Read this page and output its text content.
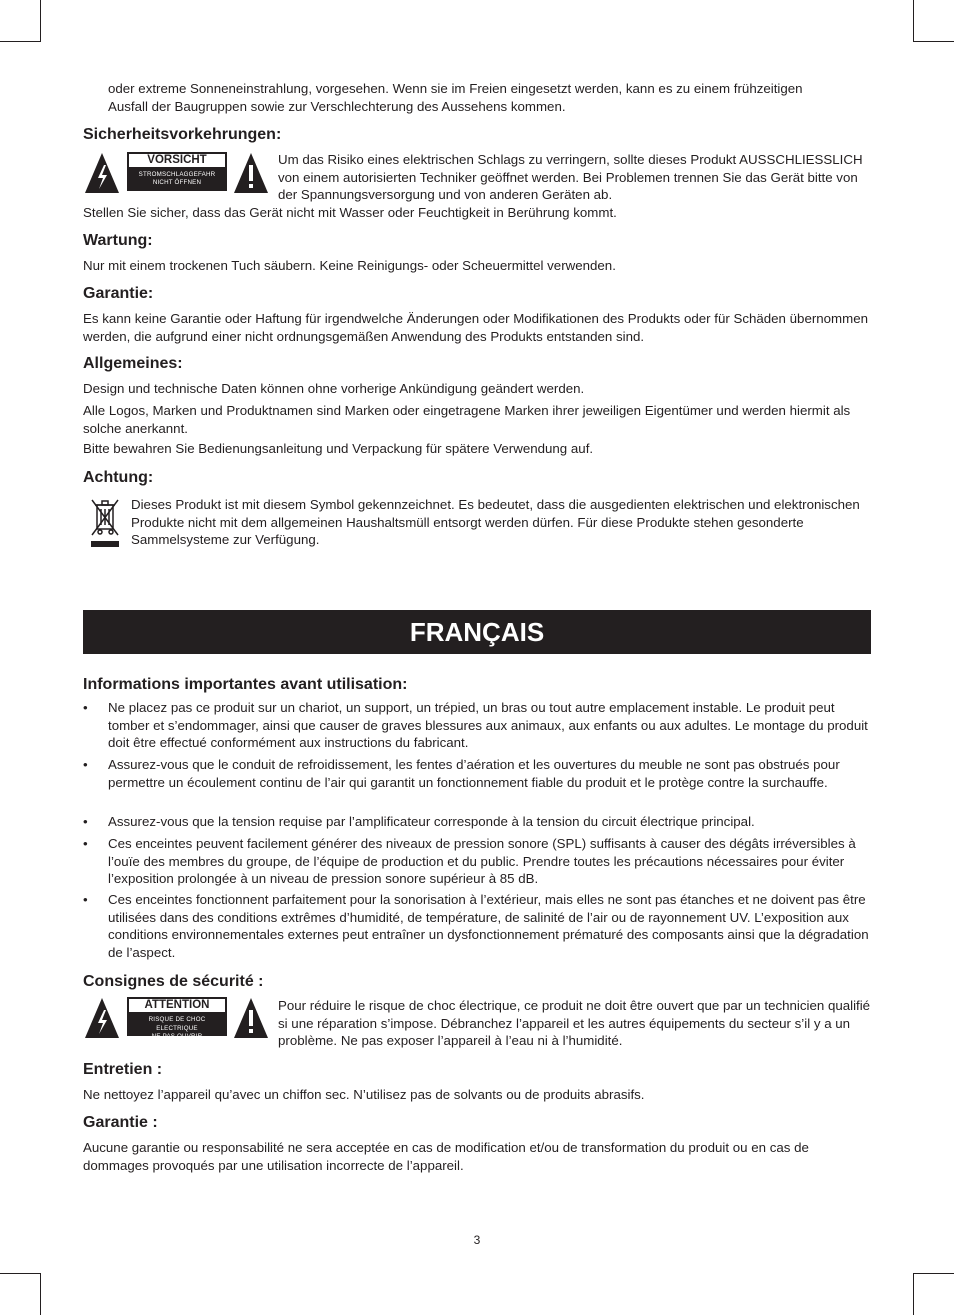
oder extreme Sonneneinstrahlung, vorgesehen. Wenn sie im Freien eingesetzt werden, kann es zu einem frühzeitigen

Ausfall der Baugruppen sowie zur Verschlechterung des Aussehens kommen.

Sicherheitsvorkehrungen:
VORSICHT
STROMSCHLAGGEFAHR
NICHT ÖFFNEN

Um das Risiko eines elektrischen Schlags zu verringern, sollte dieses Produkt AUSSCHLIESSLICH von einem autorisierten Techniker geöffnet werden. Bei Problemen trennen Sie das Gerät bitte von der Spannungsversorgung und von anderen Geräten ab.

Stellen Sie sicher, dass das Gerät nicht mit Wasser oder Feuchtigkeit in Berührung kommt.

Wartung:

Nur mit einem trockenen Tuch säubern. Keine Reinigungs- oder Scheuermittel verwenden.

Garantie:

Es kann keine Garantie oder Haftung für irgendwelche Änderungen oder Modifikationen des Produkts oder für Schäden übernommen werden, die aufgrund einer nicht ordnungsgemäßen Anwendung des Produkts entstanden sind.

Allgemeines:

Design und technische Daten können ohne vorherige Ankündigung geändert werden.

Alle Logos, Marken und Produktnamen sind Marken oder eingetragene Marken ihrer jeweiligen Eigentümer und werden hiermit als solche anerkannt.

Bitte bewahren Sie Bedienungsanleitung und Verpackung für spätere Verwendung auf.

Achtung:

Dieses Produkt ist mit diesem Symbol gekennzeichnet. Es bedeutet, dass die ausgedienten elektrischen und elektronischen Produkte nicht mit dem allgemeinen Haushaltsmüll entsorgt werden dürfen. Für diese Produkte stehen gesonderte Sammelsysteme zur Verfügung.

FRANÇAIS
Informations importantes avant utilisation:
• Ne placez pas ce produit sur un chariot, un support, un trépied, un bras ou tout autre emplacement instable. Le produit peut tomber et s’endommager, ainsi que causer de graves blessures aux animaux, aux enfants ou aux adultes. Le montage du produit doit être effectué conformément aux instructions du fabricant.

• Assurez-vous que le conduit de refroidissement, les fentes d’aération et les ouvertures du meuble ne sont pas obstrués pour permettre un écoulement continu de l’air qui garantit un fonctionnement fiable du produit et le protège contre la surchauffe.

• Assurez-vous que la tension requise par l’amplificateur corresponde à la tension du circuit électrique principal.

• Ces enceintes peuvent facilement générer des niveaux de pression sonore (SPL) suffisants à causer des dégâts irréversibles à l’ouïe des membres du groupe, de l’équipe de production et du public. Prendre toutes les précautions nécessaires pour éviter l’exposition prolongée à un niveau de pression sonore supérieur à 85 dB.

• Ces enceintes fonctionnent parfaitement pour la sonorisation à l’extérieur, mais elles ne sont pas étanches et ne doivent pas être utilisées dans des conditions extrêmes d’humidité, de température, de salinité de l’air ou de rayonnement UV. L’exposition aux conditions environnementales externes peut entraîner un dysfonctionnement prématuré des composants ainsi que la dégradation de l’aspect.

Consignes de sécurité :
ATTENTION
RISQUE DE CHOC ELECTRIQUE
NE PAS OUVRIR

Pour réduire le risque de choc électrique, ce produit ne doit être ouvert que par un technicien qualifié si une réparation s’impose. Débranchez l’appareil et les autres équipements du secteur s’il y a un problème. Ne pas exposer l’appareil à l’eau ni à l’humidité.

Entretien :

Ne nettoyez l’appareil qu’avec un chiffon sec. N’utilisez pas de solvants ou de produits abrasifs.

Garantie :

Aucune garantie ou responsabilité ne sera acceptée en cas de modification et/ou de transformation du produit ou en cas de dommages provoqués par une utilisation incorrecte de l’appareil.

3
